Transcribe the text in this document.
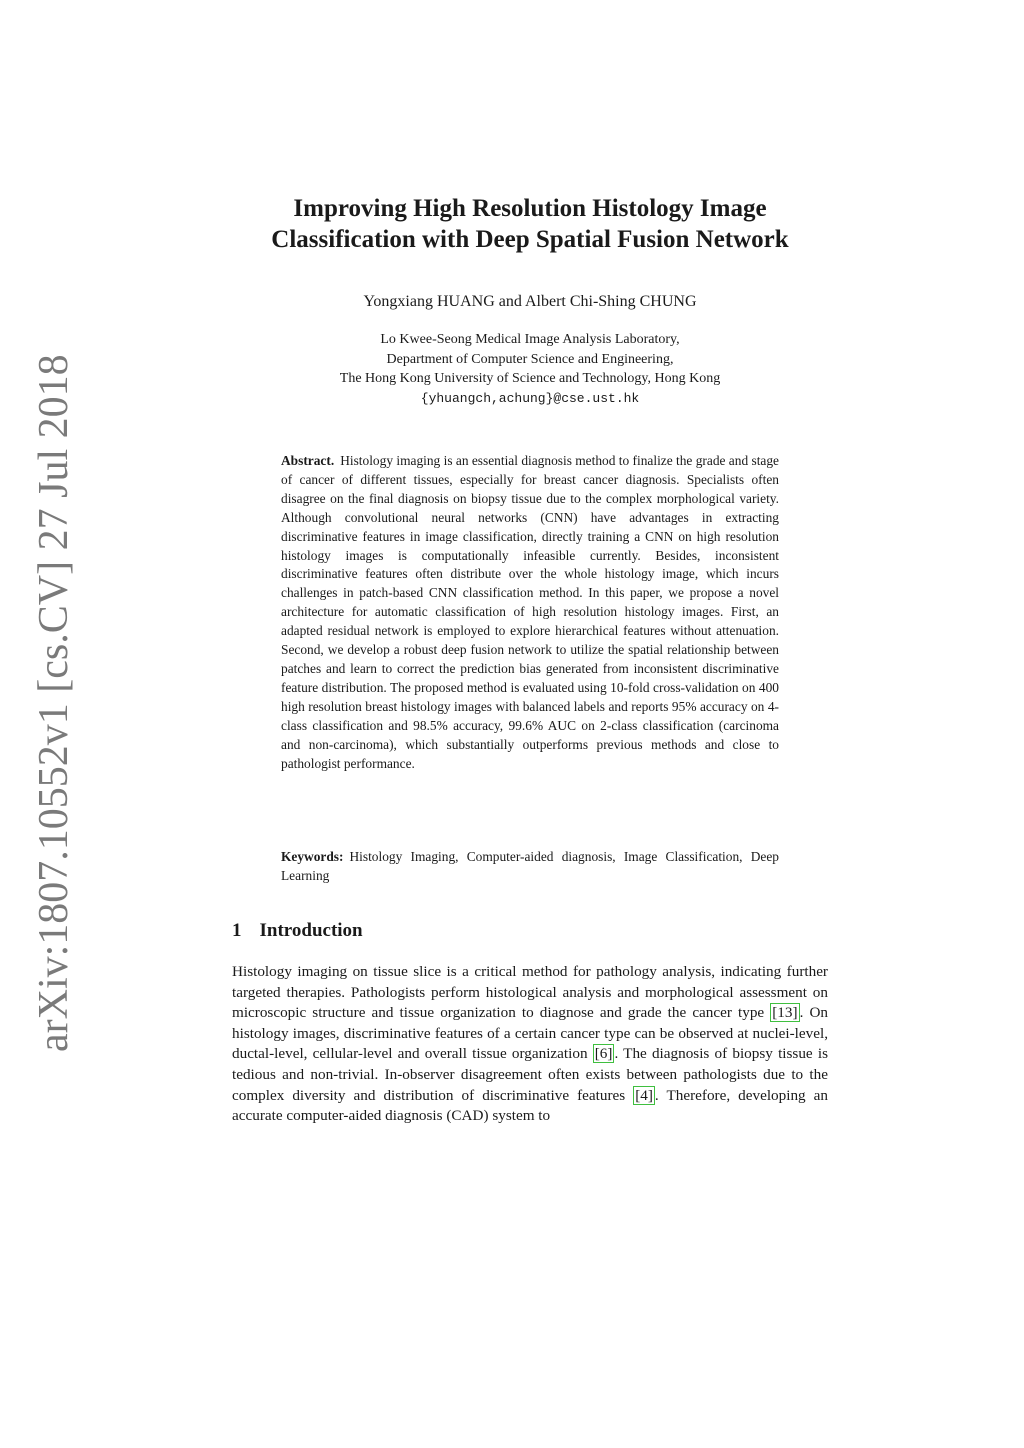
arXiv:1807.10552v1 [cs.CV] 27 Jul 2018
Improving High Resolution Histology Image
Classification with Deep Spatial Fusion Network
Yongxiang HUANG and Albert Chi-Shing CHUNG
Lo Kwee-Seong Medical Image Analysis Laboratory,
Department of Computer Science and Engineering,
The Hong Kong University of Science and Technology, Hong Kong
{yhuangch,achung}@cse.ust.hk
Abstract. Histology imaging is an essential diagnosis method to finalize the grade and stage of cancer of different tissues, especially for breast cancer diagnosis. Specialists often disagree on the final diagnosis on biopsy tissue due to the complex morphological variety. Although convolutional neural networks (CNN) have advantages in extracting discriminative features in image classification, directly training a CNN on high resolution histology images is computationally infeasible currently. Besides, inconsistent discriminative features often distribute over the whole histology image, which incurs challenges in patch-based CNN classification method. In this paper, we propose a novel architecture for automatic classification of high resolution histology images. First, an adapted residual network is employed to explore hierarchical features without attenuation. Second, we develop a robust deep fusion network to utilize the spatial relationship between patches and learn to correct the prediction bias generated from inconsistent discriminative feature distribution. The proposed method is evaluated using 10-fold cross-validation on 400 high resolution breast histology images with balanced labels and reports 95% accuracy on 4-class classification and 98.5% accuracy, 99.6% AUC on 2-class classification (carcinoma and non-carcinoma), which substantially outperforms previous methods and close to pathologist performance.
Keywords: Histology Imaging, Computer-aided diagnosis, Image Classification, Deep Learning
1 Introduction
Histology imaging on tissue slice is a critical method for pathology analysis, indicating further targeted therapies. Pathologists perform histological analysis and morphological assessment on microscopic structure and tissue organization to diagnose and grade the cancer type [13] . On histology images, discriminative features of a certain cancer type can be observed at nuclei-level, ductal-level, cellular-level and overall tissue organization [6] . The diagnosis of biopsy tissue is tedious and non-trivial. In-observer disagreement often exists between pathologists due to the complex diversity and distribution of discriminative features [4] . Therefore, developing an accurate computer-aided diagnosis (CAD) system to
